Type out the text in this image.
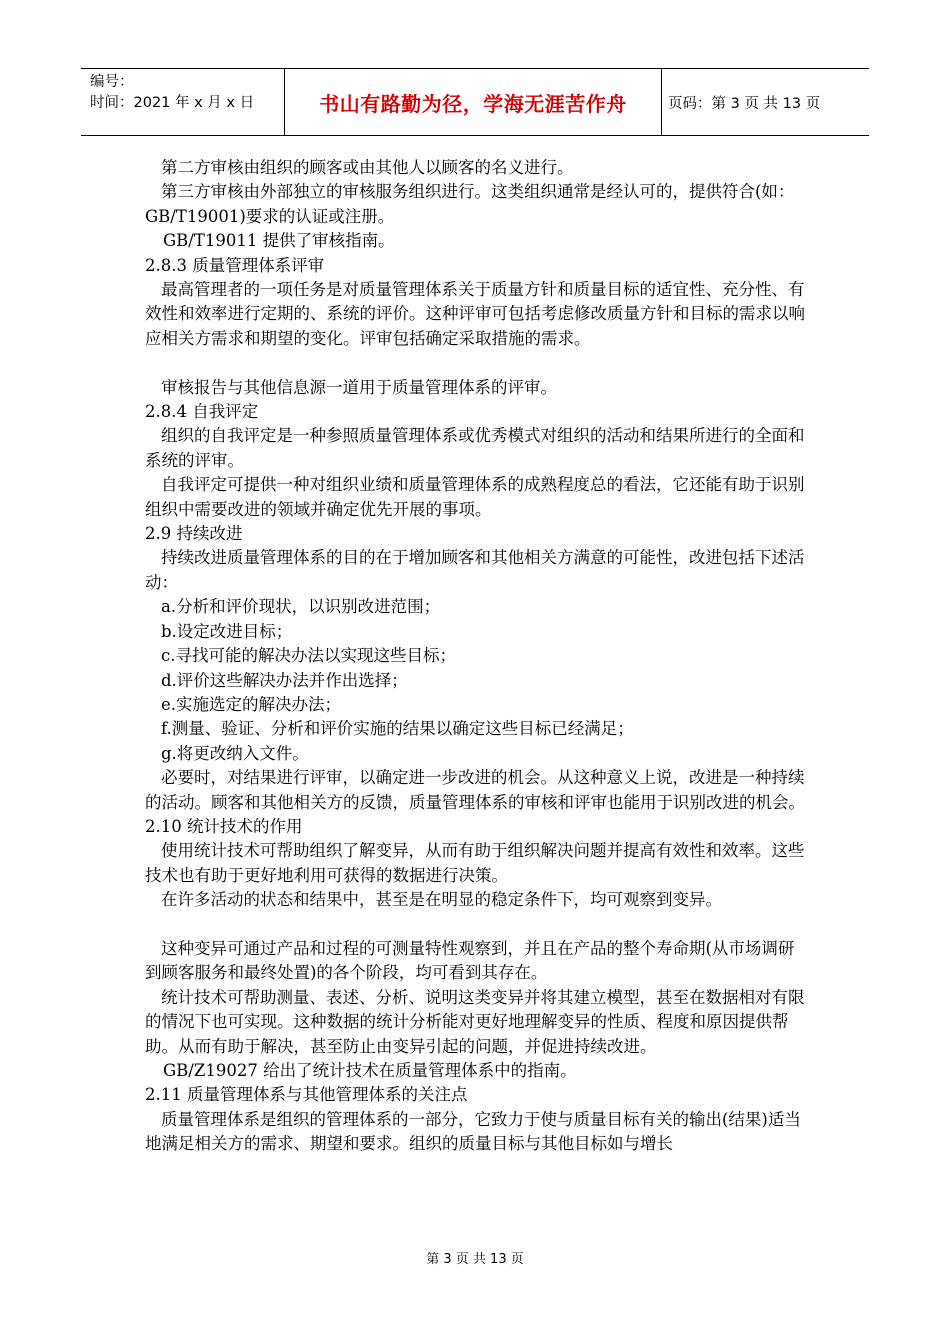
编号：
时间：2021 年 x 月 x 日	书山有路勤为径，学海无涯苦作舟	页码：第 3 页 共 13 页

第二方审核由组织的顾客或由其他人以顾客的名义进行。

第三方审核由外部独立的审核服务组织进行。这类组织通常是经认可的，提供符合(如：GB/T19001)要求的认证或注册。

GB/T19011 提供了审核指南。

2.8.3 质量管理体系评审

最高管理者的一项任务是对质量管理体系关于质量方针和质量目标的适宜性、充分性、有效性和效率进行定期的、系统的评价。这种评审可包括考虑修改质量方针和目标的需求以响应相关方需求和期望的变化。评审包括确定采取措施的需求。

审核报告与其他信息源一道用于质量管理体系的评审。

2.8.4 自我评定

组织的自我评定是一种参照质量管理体系或优秀模式对组织的活动和结果所进行的全面和系统的评审。

自我评定可提供一种对组织业绩和质量管理体系的成熟程度总的看法，它还能有助于识别组织中需要改进的领域并确定优先开展的事项。

2.9 持续改进

持续改进质量管理体系的目的在于增加顾客和其他相关方满意的可能性，改进包括下述活动：

a.分析和评价现状，以识别改进范围；

b.设定改进目标；

c.寻找可能的解决办法以实现这些目标；

d.评价这些解决办法并作出选择；

e.实施选定的解决办法；

f.测量、验证、分析和评价实施的结果以确定这些目标已经满足；

g.将更改纳入文件。

必要时，对结果进行评审，以确定进一步改进的机会。从这种意义上说，改进是一种持续的活动。顾客和其他相关方的反馈，质量管理体系的审核和评审也能用于识别改进的机会。

2.10 统计技术的作用

使用统计技术可帮助组织了解变异，从而有助于组织解决问题并提高有效性和效率。这些技术也有助于更好地利用可获得的数据进行决策。

在许多活动的状态和结果中，甚至是在明显的稳定条件下，均可观察到变异。

这种变异可通过产品和过程的可测量特性观察到，并且在产品的整个寿命期(从市场调研到顾客服务和最终处置)的各个阶段，均可看到其存在。

统计技术可帮助测量、表述、分析、说明这类变异并将其建立模型，甚至在数据相对有限的情况下也可实现。这种数据的统计分析能对更好地理解变异的性质、程度和原因提供帮助。从而有助于解决，甚至防止由变异引起的问题，并促进持续改进。

GB/Z19027 给出了统计技术在质量管理体系中的指南。

2.11 质量管理体系与其他管理体系的关注点

质量管理体系是组织的管理体系的一部分，它致力于使与质量目标有关的输出(结果)适当地满足相关方的需求、期望和要求。组织的质量目标与其他目标如与增长

第 3 页 共 13 页
